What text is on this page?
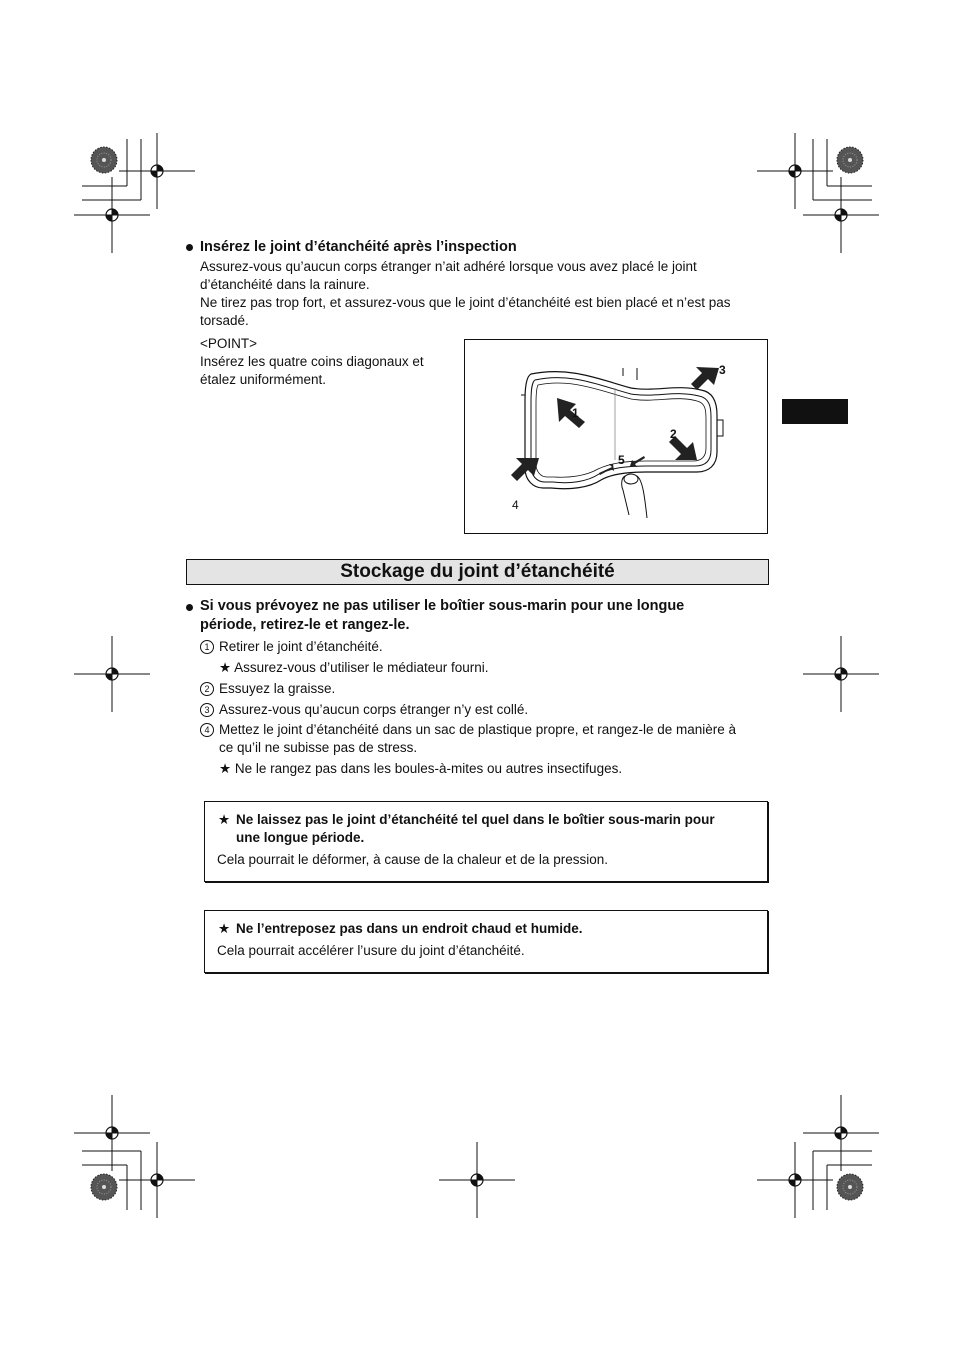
Insérez le joint d’étanchéité après l’inspection
Assurez-vous qu’aucun corps étranger n’ait adhéré lorsque vous avez placé le joint
d’étanchéité dans la rainure.
Ne tirez pas trop fort, et assurez-vous que le joint d’étanchéité est bien placé et n’est pas
torsadé.
<POINT>
Insérez les quatre coins diagonaux et
étalez uniformément.
1
2
3
4
5
Stockage du joint d’étanchéité
Si vous prévoyez ne pas utiliser le boîtier sous-marin pour une longue
période, retirez-le et rangez-le.
1 Retirer le joint d’étanchéité.
★ Assurez-vous d’utiliser le médiateur fourni.
2 Essuyez la graisse.
3 Assurez-vous qu’aucun corps étranger n’y est collé.
4 Mettez le joint d’étanchéité dans un sac de plastique propre, et rangez-le de manière à
ce qu’il ne subisse pas de stress.
★ Ne le rangez pas dans les boules-à-mites ou autres insectifuges.
★ Ne laissez pas le joint d’étanchéité tel quel dans le boîtier sous-marin pour
une longue période.
Cela pourrait le déformer, à cause de la chaleur et de la pression.
★ Ne l’entreposez pas dans un endroit chaud et humide.
Cela pourrait accélérer l’usure du joint d’étanchéité.
